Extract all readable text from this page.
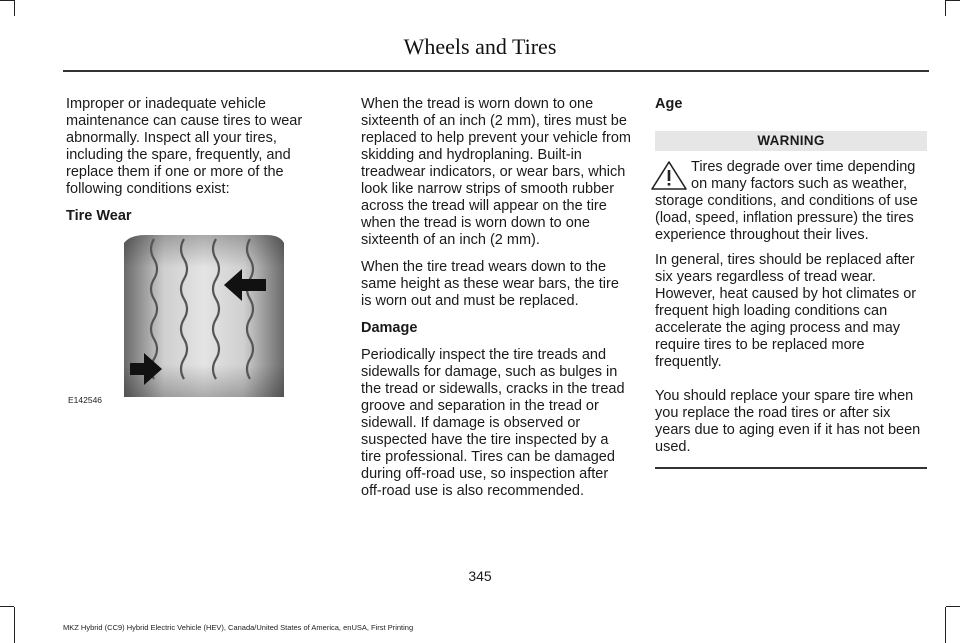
Wheels and Tires

Improper or inadequate vehicle maintenance can cause tires to wear abnormally. Inspect all your tires, including the spare, frequently, and replace them if one or more of the following conditions exist:

Tire Wear
E142546

When the tread is worn down to one sixteenth of an inch (2 mm), tires must be replaced to help prevent your vehicle from skidding and hydroplaning. Built-in treadwear indicators, or wear bars, which look like narrow strips of smooth rubber across the tread will appear on the tire when the tread is worn down to one sixteenth of an inch (2 mm).

When the tire tread wears down to the same height as these wear bars, the tire is worn out and must be replaced.

Damage

Periodically inspect the tire treads and sidewalls for damage, such as bulges in the tread or sidewalls, cracks in the tread groove and separation in the tread or sidewall. If damage is observed or suspected have the tire inspected by a tire professional. Tires can be damaged during off-road use, so inspection after off-road use is also recommended.

Age
WARNING
Tires degrade over time depending on many factors such as weather, storage conditions, and conditions of use (load, speed, inflation pressure) the tires experience throughout their lives.

In general, tires should be replaced after six years regardless of tread wear. However, heat caused by hot climates or frequent high loading conditions can accelerate the aging process and may require tires to be replaced more frequently.

You should replace your spare tire when you replace the road tires or after six years due to aging even if it has not been used.

345
MKZ Hybrid (CC9) Hybrid Electric Vehicle (HEV), Canada/United States of America, enUSA, First Printing
